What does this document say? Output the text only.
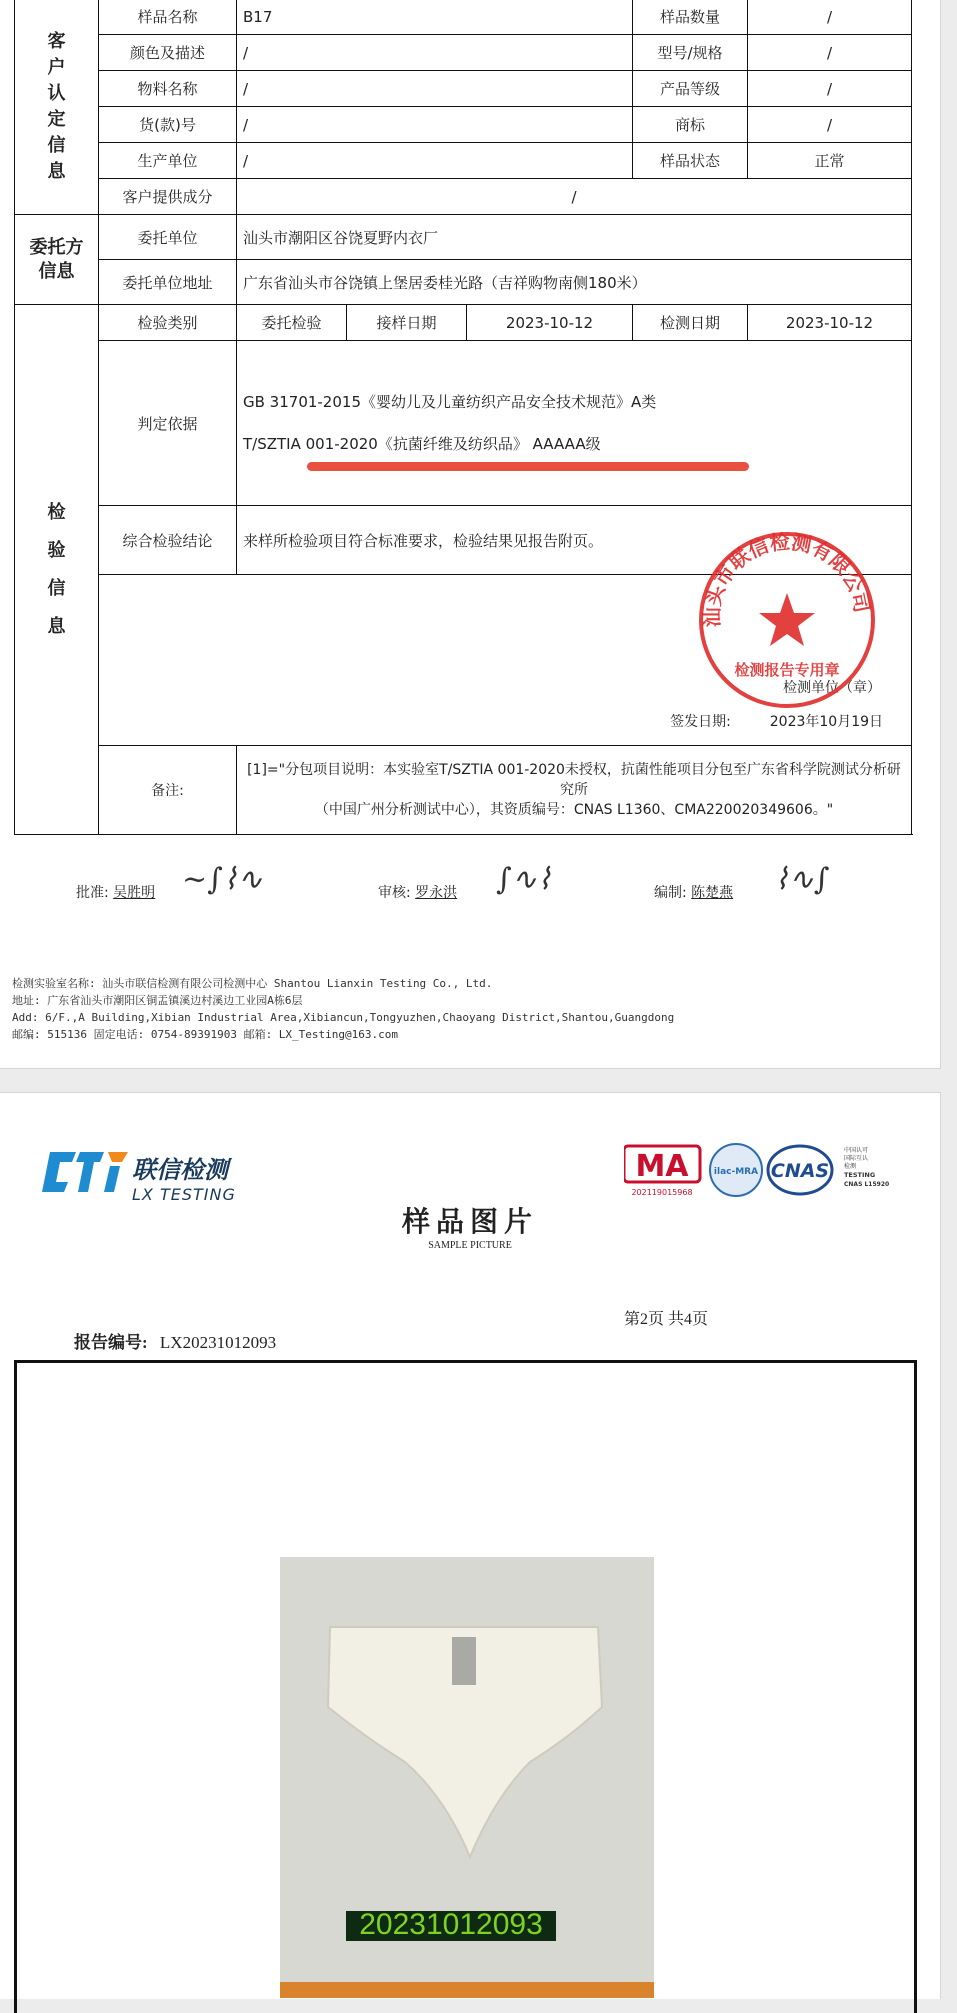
客户认定信息	样品名称	B17			样品数量	/
	颜色及描述	/			型号/规格	/
	物料名称	/			产品等级	/
	货(款)号	/			商标	/
	生产单位	/			样品状态	正常
	客户提供成分	/				

委托方信息	委托单位	汕头市潮阳区谷饶夏野内衣厂				
	委托单位地址	广东省汕头市谷饶镇上堡居委桂光路（吉祥购物南侧180米）				

检验信息	检验类别	委托检验	接样日期	2023-10-12	检测日期	2023-10-12
	判定依据	GB 31701-2015《婴幼儿及儿童纺织产品安全技术规范》A类
T/SZTIA 001-2020《抗菌纤维及纺织品》 AAAAA级				

	综合检验结论	来样所检验项目符合标准要求，检验结果见报告附页。				

	检测单位（章）
签发日期: 2023年10月19日					

	备注:	[1]="分包项目说明：本实验室T/SZTIA 001-2020未授权，抗菌性能项目分包至广东省科学院测试分析研究所
（中国广州分析测试中心），其资质编号：CNAS L1360、CMA220020349606。"				
汕头市联信检测有限公司
检测报告专用章
批准: 吴胜明 ~∫⌇∿	审核: 罗永洪 ∫∿⌇	编制: 陈楚燕 ⌇∿∫
检测实验室名称: 汕头市联信检测有限公司检测中心 Shantou Lianxin Testing Co., Ltd.
地址: 广东省汕头市潮阳区铜盂镇溪边村溪边工业园A栋6层
Add: 6/F.,A Building,Xibian Industrial Area,Xibiancun,Tongyuzhen,Chaoyang District,Shantou,Guangdong
邮编: 515136 固定电话: 0754-89391903 邮箱: LX_Testing@163.com
联信检测
LX TESTING
MA
202119015968
ilac-MRA CNAS
中国认可
国际互认
检测
TESTING
CNAS L15920
样品图片
SAMPLE PICTURE
第2页 共4页
报告编号: LX20231012093
20231012093
